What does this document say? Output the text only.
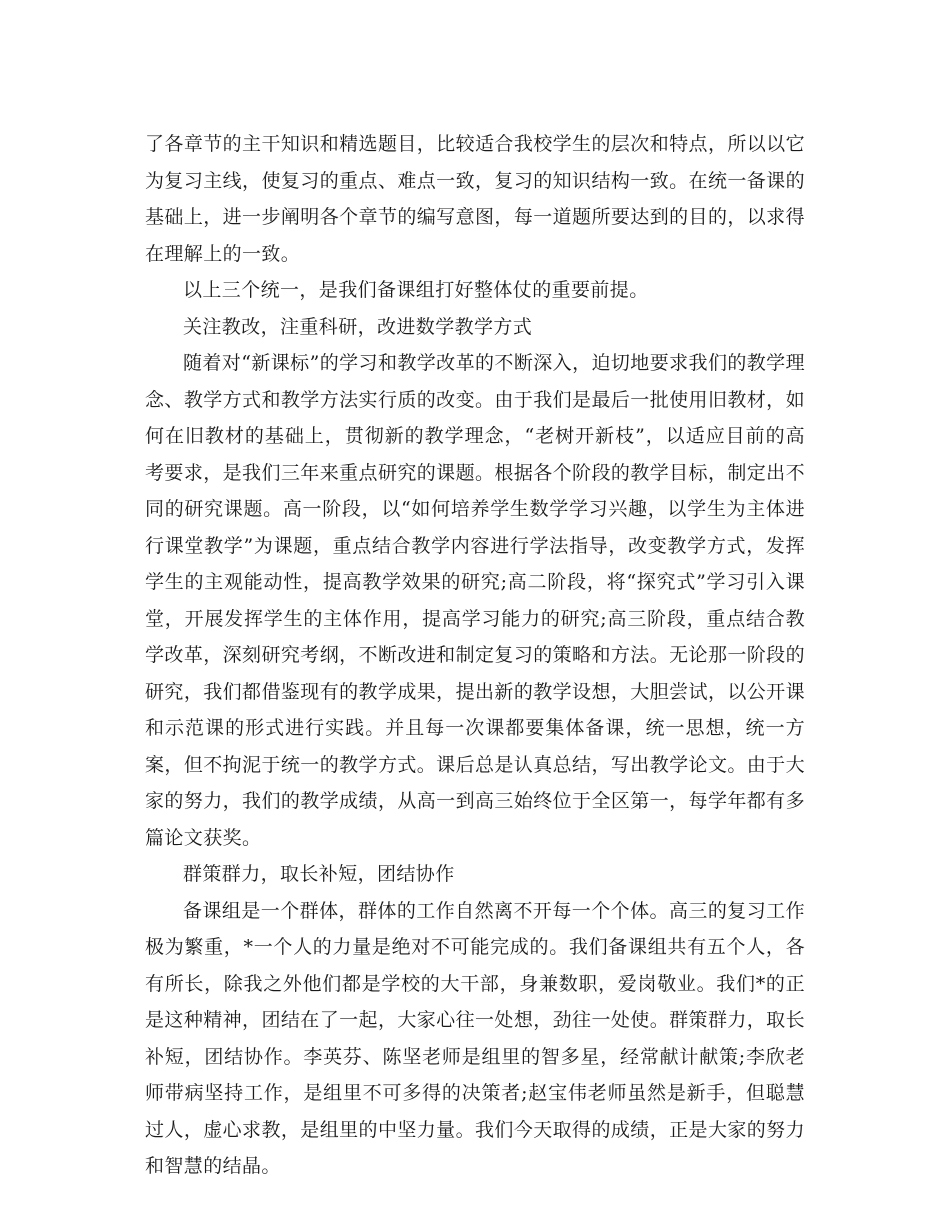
了各章节的主干知识和精选题目，比较适合我校学生的层次和特点，所以以它为复习主线，使复习的重点、难点一致，复习的知识结构一致。在统一备课的基础上，进一步阐明各个章节的编写意图，每一道题所要达到的目的，以求得在理解上的一致。

以上三个统一，是我们备课组打好整体仗的重要前提。

关注教改，注重科研，改进数学教学方式

随着对“新课标”的学习和教学改革的不断深入，迫切地要求我们的教学理念、教学方式和教学方法实行质的改变。由于我们是最后一批使用旧教材，如何在旧教材的基础上，贯彻新的教学理念，“老树开新枝”，以适应目前的高考要求，是我们三年来重点研究的课题。根据各个阶段的教学目标，制定出不同的研究课题。高一阶段，以“如何培养学生数学学习兴趣，以学生为主体进行课堂教学”为课题，重点结合教学内容进行学法指导，改变教学方式，发挥学生的主观能动性，提高教学效果的研究;高二阶段，将“探究式”学习引入课堂，开展发挥学生的主体作用，提高学习能力的研究;高三阶段，重点结合教学改革，深刻研究考纲，不断改进和制定复习的策略和方法。无论那一阶段的研究，我们都借鉴现有的教学成果，提出新的教学设想，大胆尝试，以公开课和示范课的形式进行实践。并且每一次课都要集体备课，统一思想，统一方案，但不拘泥于统一的教学方式。课后总是认真总结，写出教学论文。由于大家的努力，我们的教学成绩，从高一到高三始终位于全区第一，每学年都有多篇论文获奖。

群策群力，取长补短，团结协作

备课组是一个群体，群体的工作自然离不开每一个个体。高三的复习工作极为繁重，*一个人的力量是绝对不可能完成的。我们备课组共有五个人，各有所长，除我之外他们都是学校的大干部，身兼数职，爱岗敬业。我们*的正是这种精神，团结在了一起，大家心往一处想，劲往一处使。群策群力，取长补短，团结协作。李英芬、陈坚老师是组里的智多星，经常献计献策;李欣老师带病坚持工作，是组里不可多得的决策者;赵宝伟老师虽然是新手，但聪慧过人，虚心求教，是组里的中坚力量。我们今天取得的成绩，正是大家的努力和智慧的结晶。
